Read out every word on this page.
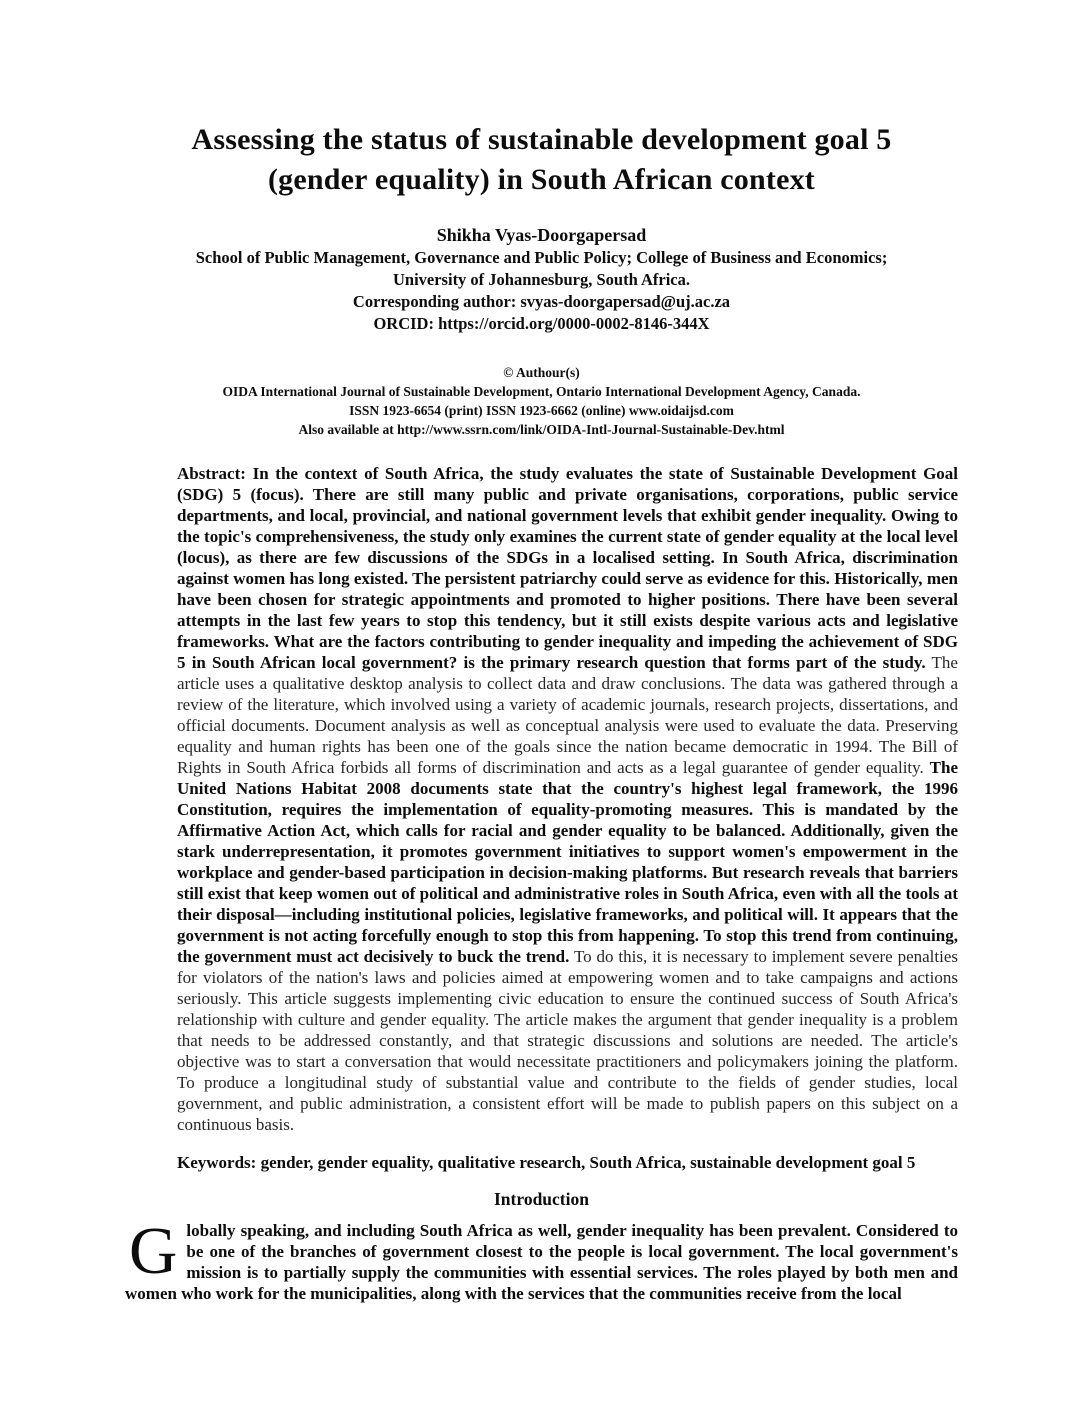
Assessing the status of sustainable development goal 5
(gender equality) in South African context
Shikha Vyas-Doorgapersad
School of Public Management, Governance and Public Policy; College of Business and Economics;
University of Johannesburg, South Africa.
Corresponding author: svyas-doorgapersad@uj.ac.za
ORCID: https://orcid.org/0000-0002-8146-344X
© Authour(s)
OIDA International Journal of Sustainable Development, Ontario International Development Agency, Canada.
ISSN 1923-6654 (print) ISSN 1923-6662 (online) www.oidaijsd.com
Also available at http://www.ssrn.com/link/OIDA-Intl-Journal-Sustainable-Dev.html

Abstract: In the context of South Africa, the study evaluates the state of Sustainable Development Goal (SDG) 5 (focus). There are still many public and private organisations, corporations, public service departments, and local, provincial, and national government levels that exhibit gender inequality. Owing to the topic's comprehensiveness, the study only examines the current state of gender equality at the local level (locus), as there are few discussions of the SDGs in a localised setting. In South Africa, discrimination against women has long existed. The persistent patriarchy could serve as evidence for this. Historically, men have been chosen for strategic appointments and promoted to higher positions. There have been several attempts in the last few years to stop this tendency, but it still exists despite various acts and legislative frameworks. What are the factors contributing to gender inequality and impeding the achievement of SDG 5 in South African local government? is the primary research question that forms part of the study. The article uses a qualitative desktop analysis to collect data and draw conclusions. The data was gathered through a review of the literature, which involved using a variety of academic journals, research projects, dissertations, and official documents. Document analysis as well as conceptual analysis were used to evaluate the data. Preserving equality and human rights has been one of the goals since the nation became democratic in 1994. The Bill of Rights in South Africa forbids all forms of discrimination and acts as a legal guarantee of gender equality. The United Nations Habitat 2008 documents state that the country's highest legal framework, the 1996 Constitution, requires the implementation of equality-promoting measures. This is mandated by the Affirmative Action Act, which calls for racial and gender equality to be balanced. Additionally, given the stark underrepresentation, it promotes government initiatives to support women's empowerment in the workplace and gender-based participation in decision-making platforms. But research reveals that barriers still exist that keep women out of political and administrative roles in South Africa, even with all the tools at their disposal—including institutional policies, legislative frameworks, and political will. It appears that the government is not acting forcefully enough to stop this from happening. To stop this trend from continuing, the government must act decisively to buck the trend. To do this, it is necessary to implement severe penalties for violators of the nation's laws and policies aimed at empowering women and to take campaigns and actions seriously. This article suggests implementing civic education to ensure the continued success of South Africa's relationship with culture and gender equality. The article makes the argument that gender inequality is a problem that needs to be addressed constantly, and that strategic discussions and solutions are needed. The article's objective was to start a conversation that would necessitate practitioners and policymakers joining the platform. To produce a longitudinal study of substantial value and contribute to the fields of gender studies, local government, and public administration, a consistent effort will be made to publish papers on this subject on a continuous basis.

Keywords: gender, gender equality, qualitative research, South Africa, sustainable development goal 5

Introduction

G lobally speaking, and including South Africa as well, gender inequality has been prevalent. Considered to be one of the branches of government closest to the people is local government. The local government's mission is to partially supply the communities with essential services. The roles played by both men and women who work for the municipalities, along with the services that the communities receive from the local
